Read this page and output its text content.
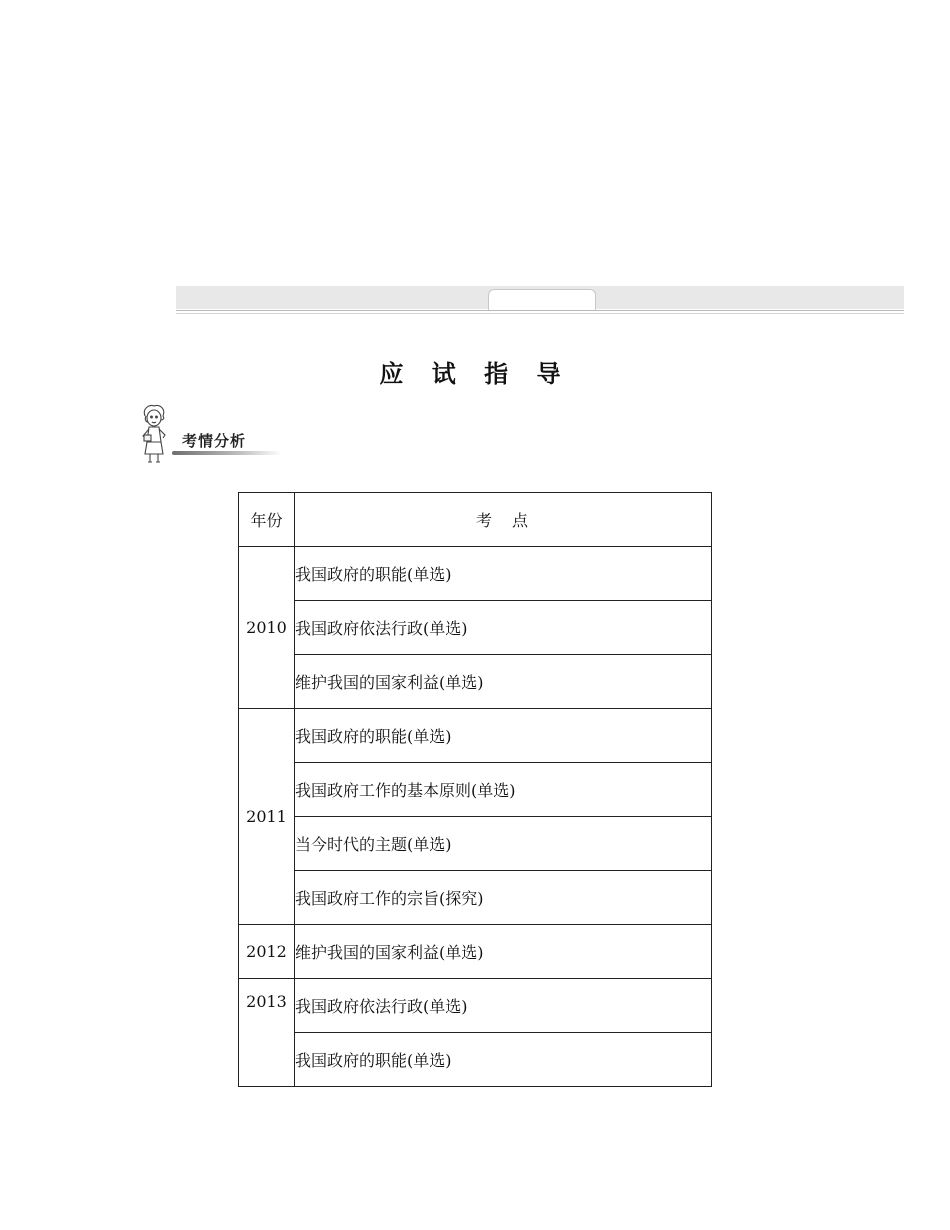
应 试 指 导
考情分析
年份	考　点
2010	我国政府的职能(单选)
	我国政府依法行政(单选)
	维护我国的国家利益(单选)
2011	我国政府的职能(单选)
	我国政府工作的基本原则(单选)
	当今时代的主题(单选)
	我国政府工作的宗旨(探究)
2012	维护我国的国家利益(单选)
2013	我国政府依法行政(单选)
	我国政府的职能(单选)
